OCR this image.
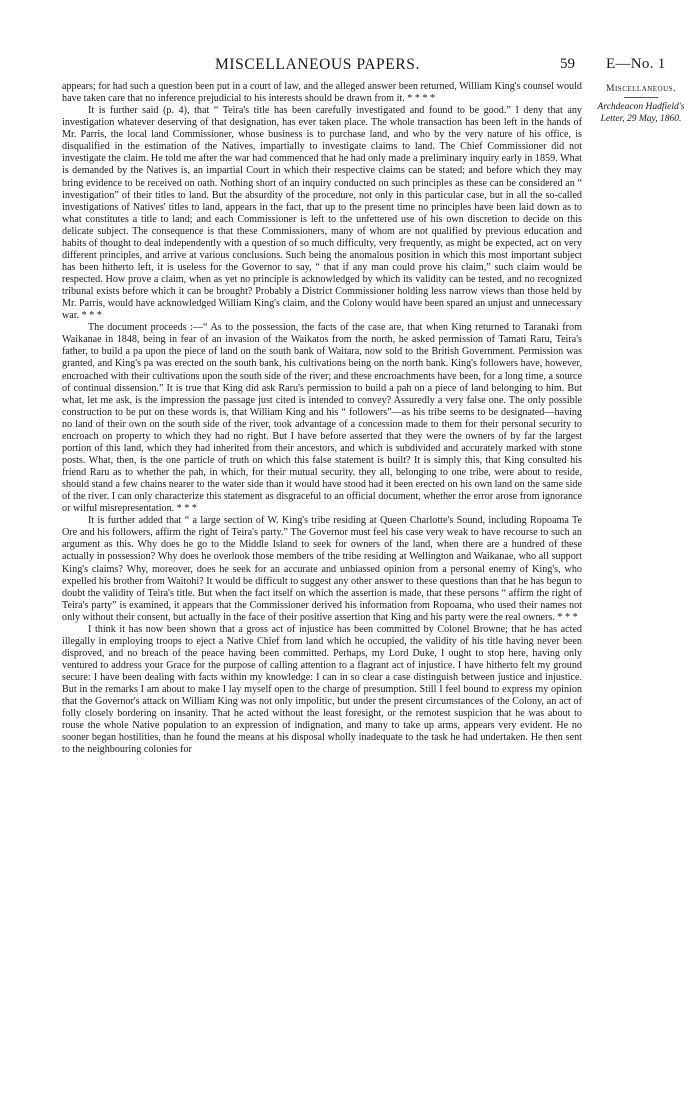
MISCELLANEOUS PAPERS.	59 E—No. 1
Miscellaneous.
Archdeacon Hadfield's Letter, 29 May, 1860.

appears; for had such a question been put in a court of law, and the alleged answer been returned, William King's counsel would have taken care that no inference prejudicial to his interests should be drawn from it. * * * *

It is further said (p. 4), that “ Teira's title has been carefully investigated and found to be good.” I deny that any investigation whatever deserving of that designation, has ever taken place. The whole transaction has been left in the hands of Mr. Parris, the local land Commissioner, whose business is to purchase land, and who by the very nature of his office, is disqualified in the estimation of the Natives, impartially to investigate claims to land. The Chief Commissioner did not investigate the claim. He told me after the war had commenced that he had only made a preliminary inquiry early in 1859. What is demanded by the Natives is, an impartial Court in which their respective claims can be stated; and before which they may bring evidence to be received on oath. Nothing short of an inquiry conducted on such principles as these can be considered an “ investigation” of their titles to land. But the absurdity of the procedure, not only in this particular case, but in all the so-called investigations of Natives' titles to land, appears in the fact, that up to the present time no principles have been laid down as to what constitutes a title to land; and each Commissioner is left to the unfettered use of his own discretion to decide on this delicate subject. The consequence is that these Commissioners, many of whom are not qualified by previous education and habits of thought to deal independently with a question of so much difficulty, very frequently, as might be expected, act on very different principles, and arrive at various conclusions. Such being the anomalous position in which this most important subject has been hitherto left, it is useless for the Governor to say, “ that if any man could prove his claim,” such claim would be respected. How prove a claim, when as yet no principle is acknowledged by which its validity can be tested, and no recognized tribunal exists before which it can be brought? Probably a District Commissioner holding less narrow views than those held by Mr. Parris, would have acknowledged William King's claim, and the Colony would have been spared an unjust and unnecessary war. * * *

The document proceeds :—“ As to the possession, the facts of the case are, that when King returned to Taranaki from Waikanae in 1848, being in fear of an invasion of the Waikatos from the north, he asked permission of Tamati Raru, Teira's father, to build a pa upon the piece of land on the south bank of Waitara, now sold to the British Government. Permission was granted, and King's pa was erected on the south bank, his cultivations being on the north bank. King's followers have, however, encroached with their cultivations upon the south side of the river; and these encroachments have been, for a long time, a source of continual dissension.” It is true that King did ask Raru's permission to build a pah on a piece of land belonging to him. But what, let me ask, is the impression the passage just cited is intended to convey? Assuredly a very false one. The only possible construction to be put on these words is, that William King and his “ followers”—as his tribe seems to be designated—having no land of their own on the south side of the river, took advantage of a concession made to them for their personal security to encroach on property to which they had no right. But I have before asserted that they were the owners of by far the largest portion of this land, which they had inherited from their ancestors, and which is subdivided and accurately marked with stone posts. What, then, is the one particle of truth on which this false statement is built? It is simply this, that King consulted his friend Raru as to whether the pah, in which, for their mutual security. they all, belonging to one tribe, were about to reside, should stand a few chains nearer to the water side than it would have stood had it been erected on his own land on the same side of the river. I can only characterize this statement as disgraceful to an official document, whether the error arose from ignorance or wilful misrepresentation. * * *

It is further added that “ a large section of W. King's tribe residing at Queen Charlotte's Sound, including Ropoama Te Ore and his followers, affirm the right of Teira's party.” The Governor must feel his case very weak to have recourse to such an argument as this. Why does he go to the Middle Island to seek for owners of the land, when there are a hundred of these actually in possession? Why does he overlook those members of the tribe residing at Wellington and Waikanae, who all support King's claims? Why, moreover, does he seek for an accurate and unbiassed opinion from a personal enemy of King's, who expelled his brother from Waitohi? It would be difficult to suggest any other answer to these questions than that he has begun to doubt the validity of Teira's title. But when the fact itself on which the assertion is made, that these persons “ affirm the right of Teira's party” is examined, it appears that the Commissioner derived his information from Ropoama, who used their names not only without their consent, but actually in the face of their positive assertion that King and his party were the real owners. * * *

I think it has now been shown that a gross act of injustice has been committed by Colonel Browne; that he has acted illegally in employing troops to eject a Native Chief from land which he occupied, the validity of his title having never been disproved, and no breach of the peace having been committed. Perhaps, my Lord Duke, I ought to stop here, having only ventured to address your Grace for the purpose of calling attention to a flagrant act of injustice. I have hitherto felt my ground secure: I have been dealing with facts within my knowledge: I can in so clear a case distinguish between justice and injustice. But in the remarks I am about to make I lay myself open to the charge of presumption. Still I feel bound to express my opinion that the Governor's attack on William King was not only impolitic, but under the present circumstances of the Colony, an act of folly closely bordering on insanity. That he acted without the least foresight, or the remotest suspicion that he was about to rouse the whole Native population to an expression of indignation, and many to take up arms, appears very evident. He no sooner began hostilities, than he found the means at his disposal wholly inadequate to the task he had undertaken. He then sent to the neighbouring colonies for
